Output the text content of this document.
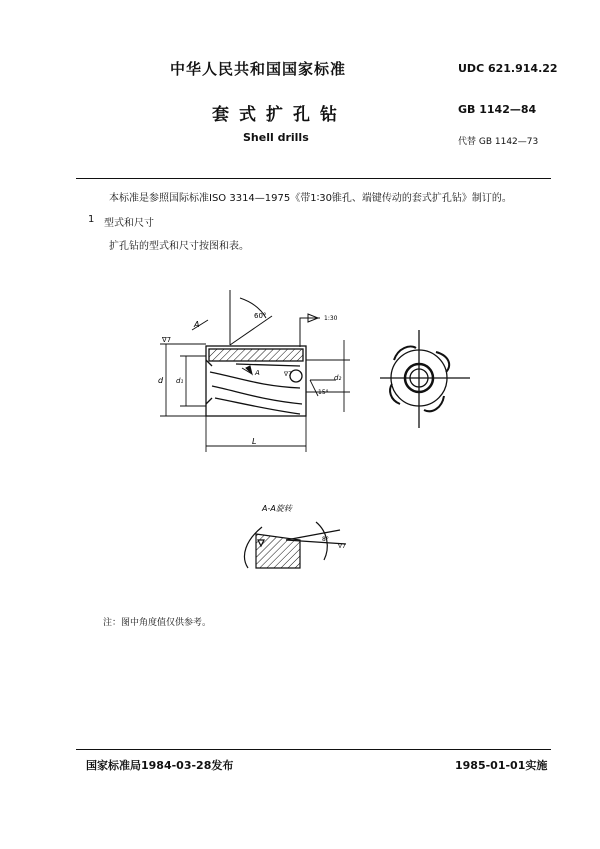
中华人民共和国国家标准	UDC 621.914.22
套式扩孔钻	GB 1142—84
Shell drills	代替 GB 1142—73
本标准是参照国际标准ISO 3314—1975《带1∶30锥孔、端键传动的套式扩孔钻》制订的。
1 型式和尺寸
扩孔钻的型式和尺寸按图和表。
60°
A
A
1:30
∇7
∇7
d d₁	d₂
L
15°
A-A旋转
8°
∇7
注：图中角度值仅供参考。
国家标准局1984-03-28发布	1985-01-01实施
